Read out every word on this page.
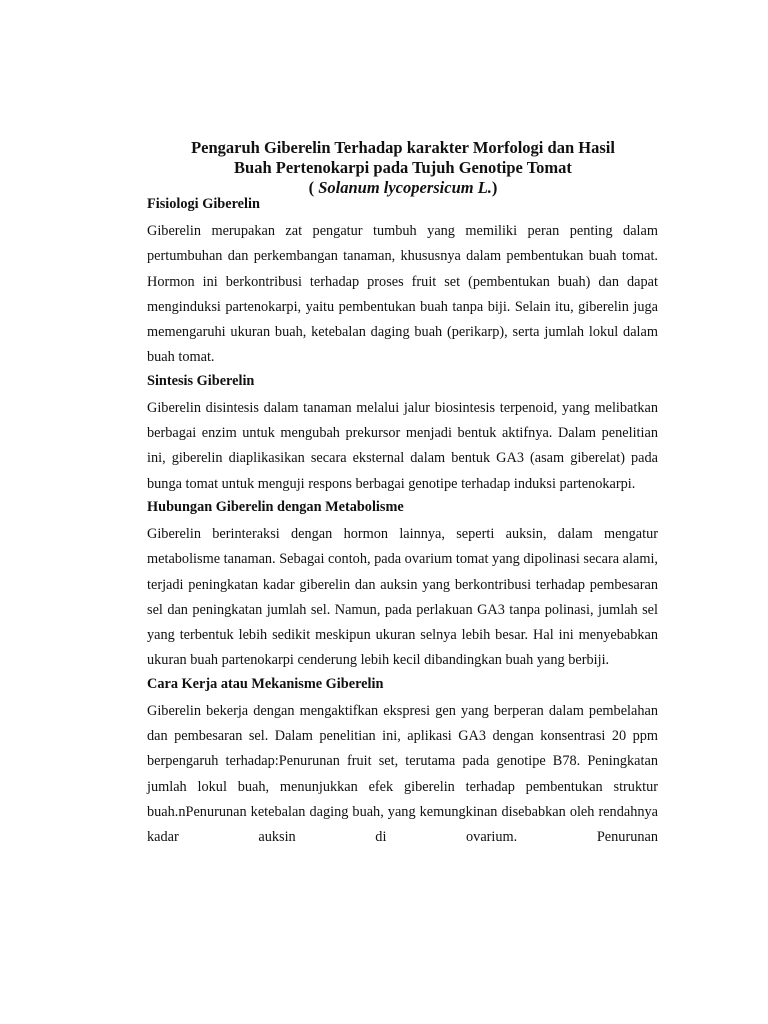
Pengaruh Giberelin Terhadap karakter Morfologi dan Hasil
Buah Pertenokarpi pada Tujuh Genotipe Tomat
( Solanum lycopersicum L.)
Fisiologi Giberelin

Giberelin merupakan zat pengatur tumbuh yang memiliki peran penting dalam pertumbuhan dan perkembangan tanaman, khususnya dalam pembentukan buah tomat. Hormon ini berkontribusi terhadap proses fruit set (pembentukan buah) dan dapat menginduksi partenokarpi, yaitu pembentukan buah tanpa biji. Selain itu, giberelin juga memengaruhi ukuran buah, ketebalan daging buah (perikarp), serta jumlah lokul dalam buah tomat.

Sintesis Giberelin

Giberelin disintesis dalam tanaman melalui jalur biosintesis terpenoid, yang melibatkan berbagai enzim untuk mengubah prekursor menjadi bentuk aktifnya. Dalam penelitian ini, giberelin diaplikasikan secara eksternal dalam bentuk GA3 (asam giberelat) pada bunga tomat untuk menguji respons berbagai genotipe terhadap induksi partenokarpi.

Hubungan Giberelin dengan Metabolisme

Giberelin berinteraksi dengan hormon lainnya, seperti auksin, dalam mengatur metabolisme tanaman. Sebagai contoh, pada ovarium tomat yang dipolinasi secara alami, terjadi peningkatan kadar giberelin dan auksin yang berkontribusi terhadap pembesaran sel dan peningkatan jumlah sel. Namun, pada perlakuan GA3 tanpa polinasi, jumlah sel yang terbentuk lebih sedikit meskipun ukuran selnya lebih besar. Hal ini menyebabkan ukuran buah partenokarpi cenderung lebih kecil dibandingkan buah yang berbiji.

Cara Kerja atau Mekanisme Giberelin

Giberelin bekerja dengan mengaktifkan ekspresi gen yang berperan dalam pembelahan dan pembesaran sel. Dalam penelitian ini, aplikasi GA3 dengan konsentrasi 20 ppm berpengaruh terhadap:Penurunan fruit set, terutama pada genotipe B78. Peningkatan jumlah lokul buah, menunjukkan efek giberelin terhadap pembentukan struktur buah.nPenurunan ketebalan daging buah, yang kemungkinan disebabkan oleh rendahnya kadar auksin di ovarium. Penurunan
